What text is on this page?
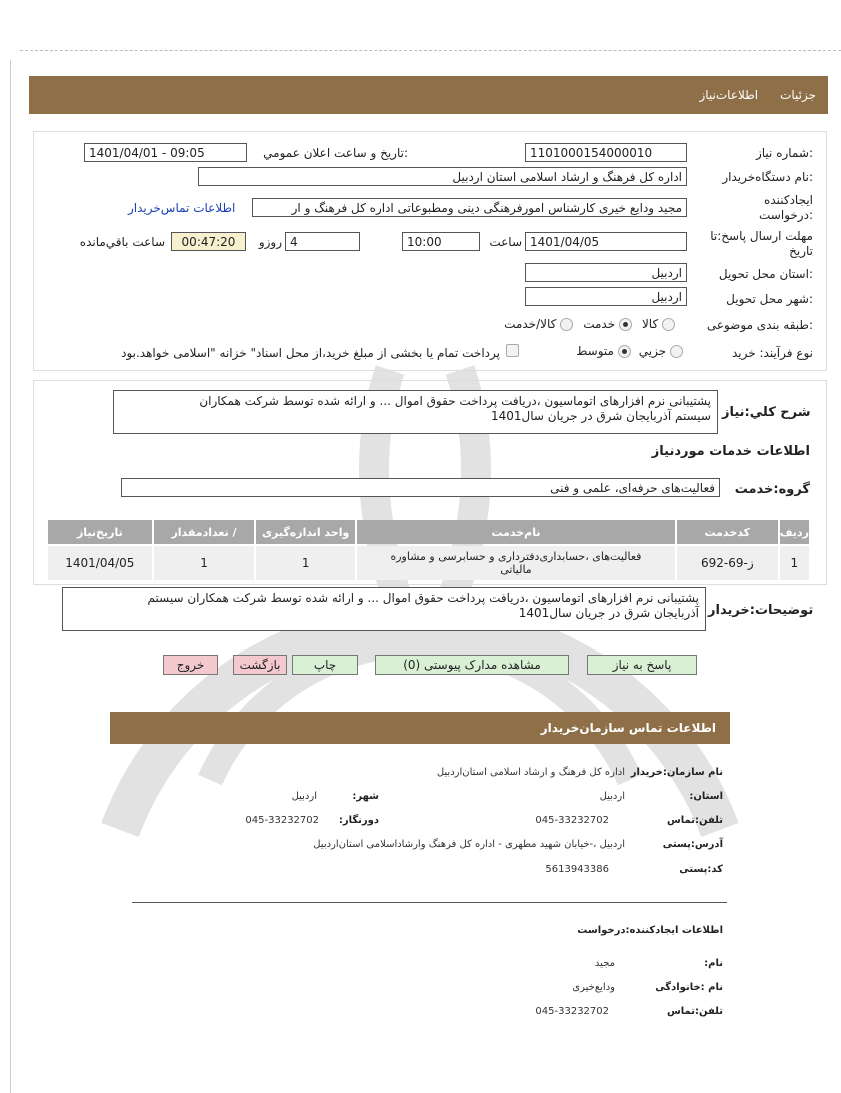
جزئیات
اطلاعات‌نیاز
شماره نیاز:
1101000154000010
تاریخ و ساعت اعلان عمومي:
1401/04/01 - 09:05
نام دستگاه‌خریدار:
اداره کل فرهنگ و ارشاد اسلامی استان اردبیل
ایجادکننده درخواست:
مجید ودایع خیری کارشناس امورفرهنگی دینی ومطبوعاتی اداره کل فرهنگ و ار
اطلاعات تماس‌خریدار
مهلت ارسال پاسخ:تا تاریخ
1401/04/05
ساعت
10:00
4
روزو
00:47:20
ساعت باقي‌مانده
استان محل تحویل:
اردبیل
شهر محل تحویل:
اردبیل
طبقه بندی موضوعی:
کالا
خدمت
کالا/خدمت
نوع فرآیند: خرید
جزیي
متوسط
پرداخت تمام یا بخشی از مبلغ خرید،از محل اسناد" خزانه "اسلامی خواهد.بود
شرح کلي:نیاز
پشتیبانی نرم افزارهای اتوماسیون ،دریافت پرداخت حقوق اموال ... و ارائه شده توسط شرکت همکاران
سیستم آذربایجان شرق در جریان سال1401
اطلاعات خدمات موردنیاز
گروه:خدمت
فعالیت‌های حرفه‌ای، علمی و فنی
ردیف	کدخدمت	نام‌خدمت	واحد اندازه‌گیری	/ تعدادمقدار	تاریخ‌نیاز
1	ز-69-692	فعالیت‌های ،حسابداری‌دفترداری و حسابرسی و مشاوره مالیاتی	1	1	1401/04/05
توضیحات:خریدار
پشتیبانی نرم افزارهای اتوماسیون ،دریافت پرداخت حقوق اموال ... و ارائه شده توسط شرکت همکاران سیستم
آذربایجان شرق در جریان سال1401
پاسخ به نیاز
مشاهده مدارک پیوستی (0)
چاپ
بازگشت
خروج
اطلاعات تماس سازمان‌خریدار
نام سازمان:خریدار
اداره کل فرهنگ و ارشاد اسلامی استان‌اردبیل
:استان
اردبیل
:شهر
اردبیل
تلفن:تماس
045-33232702
:دورنگار
045-33232702
آدرس:پستی
اردبیل ،-خیابان شهید مطهری - اداره کل فرهنگ وارشاداسلامی استان‌اردبیل
کد:پستی
5613943386
اطلاعات ایجادکننده:درخواست
:نام
مجید
نام :خانوادگی
ودایع‌خیری
تلفن:تماس
045-33232702
